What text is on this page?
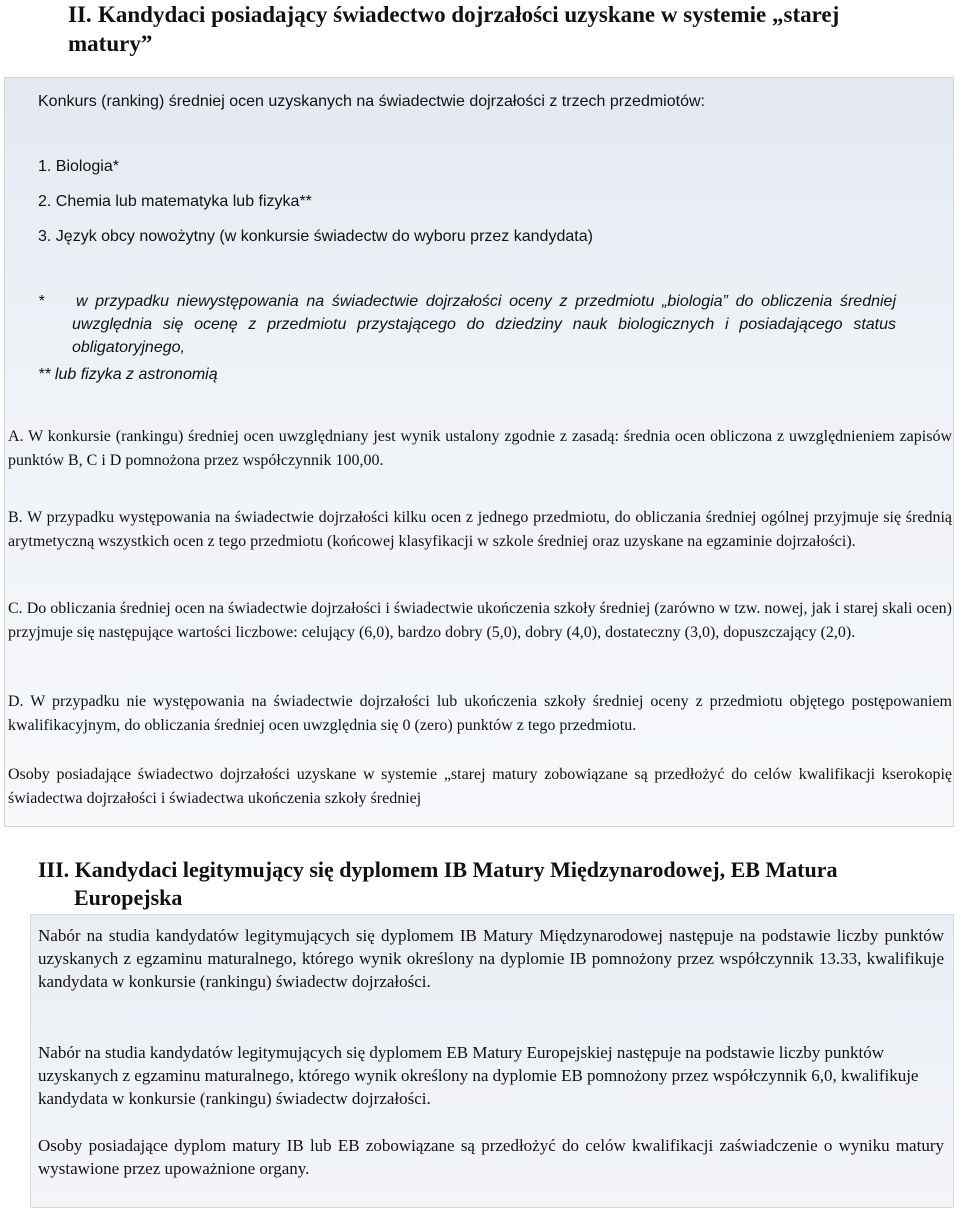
II. Kandydaci posiadający świadectwo dojrzałości uzyskane w systemie „starej matury”

Konkurs (ranking) średniej ocen uzyskanych na świadectwie dojrzałości z trzech przedmiotów:

1. Biologia*

2. Chemia lub matematyka lub fizyka**

3. Język obcy nowożytny (w konkursie świadectw do wyboru przez kandydata)

* w przypadku niewystępowania na świadectwie dojrzałości oceny z przedmiotu „biologia” do obliczenia średniej uwzględnia się ocenę z przedmiotu przystającego do dziedziny nauk biologicznych i posiadającego status obligatoryjnego,

** lub fizyka z astronomią

A. W konkursie (rankingu) średniej ocen uwzględniany jest wynik ustalony zgodnie z zasadą: średnia ocen obliczona z uwzględnieniem zapisów punktów B, C i D pomnożona przez współczynnik 100,00.

B. W przypadku występowania na świadectwie dojrzałości kilku ocen z jednego przedmiotu, do obliczania średniej ogólnej przyjmuje się średnią arytmetyczną wszystkich ocen z tego przedmiotu (końcowej klasyfikacji w szkole średniej oraz uzyskane na egzaminie dojrzałości).

C. Do obliczania średniej ocen na świadectwie dojrzałości i świadectwie ukończenia szkoły średniej (zarówno w tzw. nowej, jak i starej skali ocen) przyjmuje się następujące wartości liczbowe: celujący (6,0), bardzo dobry (5,0), dobry (4,0), dostateczny (3,0), dopuszczający (2,0).

D. W przypadku nie występowania na świadectwie dojrzałości lub ukończenia szkoły średniej oceny z przedmiotu objętego postępowaniem kwalifikacyjnym, do obliczania średniej ocen uwzględnia się 0 (zero) punktów z tego przedmiotu.

Osoby posiadające świadectwo dojrzałości uzyskane w systemie „starej matury zobowiązane są przedłożyć do celów kwalifikacji kserokopię świadectwa dojrzałości i świadectwa ukończenia szkoły średniej

III. Kandydaci legitymujący się dyplomem IB Matury Międzynarodowej, EB Matura
Europejska

Nabór na studia kandydatów legitymujących się dyplomem IB Matury Międzynarodowej następuje na podstawie liczby punktów uzyskanych z egzaminu maturalnego, którego wynik określony na dyplomie IB pomnożony przez współczynnik 13.33, kwalifikuje kandydata w konkursie (rankingu) świadectw dojrzałości.

Nabór na studia kandydatów legitymujących się dyplomem EB Matury Europejskiej następuje na podstawie liczby punktów uzyskanych z egzaminu maturalnego, którego wynik określony na dyplomie EB pomnożony przez współczynnik 6,0, kwalifikuje kandydata w konkursie (rankingu) świadectw dojrzałości.

Osoby posiadające dyplom matury IB lub EB zobowiązane są przedłożyć do celów kwalifikacji zaświadczenie o wyniku matury wystawione przez upoważnione organy.
